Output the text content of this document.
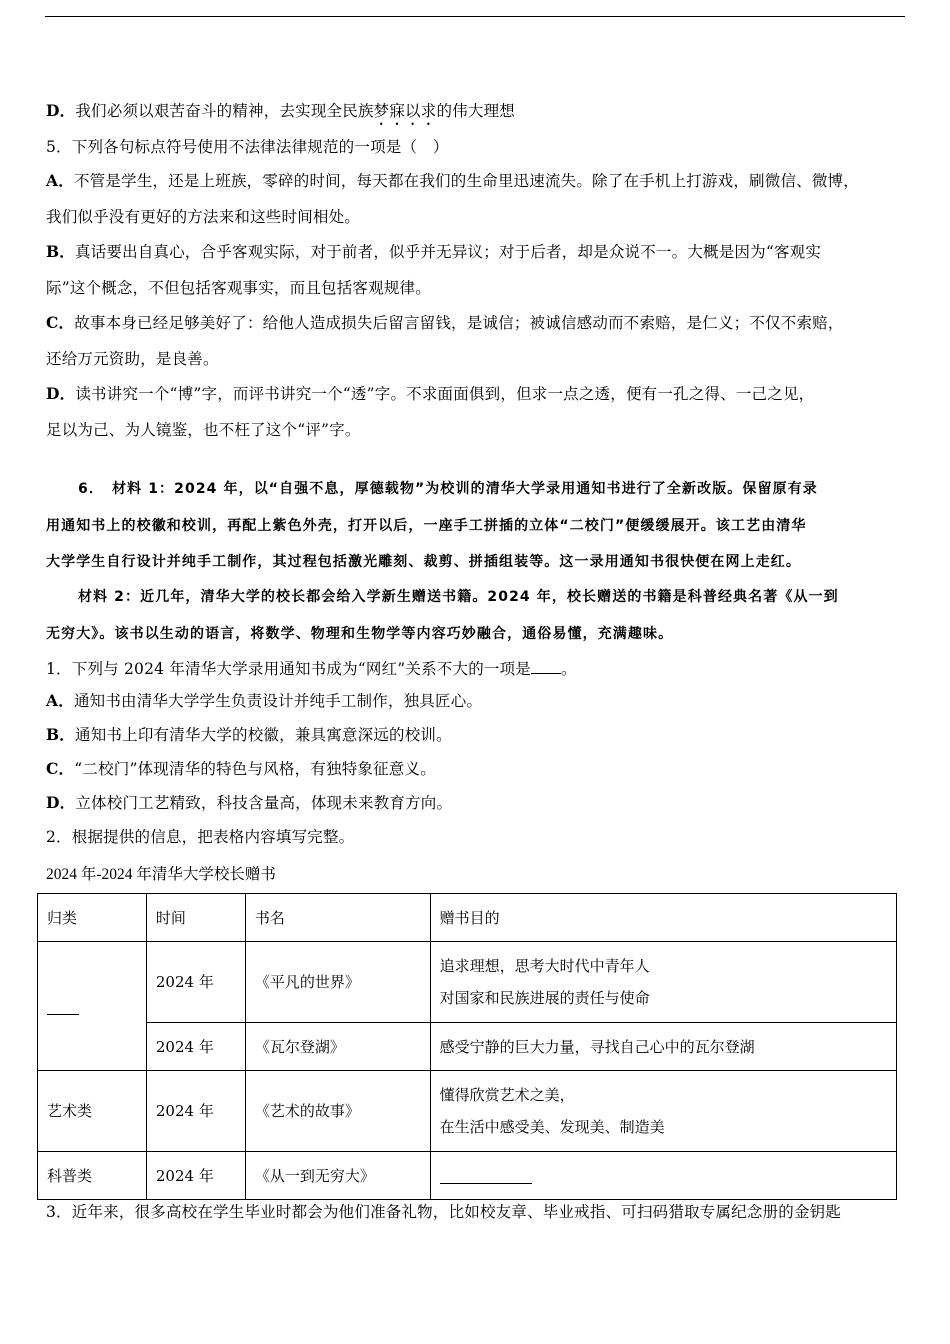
D．我们必须以艰苦奋斗的精神，去实现全民族梦寐以求的伟大理想
5．下列各句标点符号使用不法律法律规范的一项是（　）
A．不管是学生，还是上班族，零碎的时间，每天都在我们的生命里迅速流失。除了在手机上打游戏，刷微信、微博，
我们似乎没有更好的方法来和这些时间相处。
B．真话要出自真心，合乎客观实际，对于前者，似乎并无异议；对于后者，却是众说不一。大概是因为“客观实
际”这个概念，不但包括客观事实，而且包括客观规律。
C．故事本身已经足够美好了：给他人造成损失后留言留钱，是诚信；被诚信感动而不索赔，是仁义；不仅不索赔，
还给万元资助，是良善。
D．读书讲究一个“博”字，而评书讲究一个“透”字。不求面面俱到，但求一点之透，便有一孔之得、一己之见，
足以为己、为人镜鉴，也不枉了这个“评”字。
6．　材料 1：2024 年，以“自强不息，厚德载物”为校训的清华大学录用通知书进行了全新改版。保留原有录
用通知书上的校徽和校训，再配上紫色外壳，打开以后，一座手工拼插的立体“二校门”便缓缓展开。该工艺由清华
大学学生自行设计并纯手工制作，其过程包括激光雕刻、裁剪、拼插组装等。这一录用通知书很快便在网上走红。
材料 2：近几年，清华大学的校长都会给入学新生赠送书籍。2024 年，校长赠送的书籍是科普经典名著《从一到
无穷大》。该书以生动的语言，将数学、物理和生物学等内容巧妙融合，通俗易懂，充满趣味。
1．下列与 2024 年清华大学录用通知书成为“网红”关系不大的一项是 。
A．通知书由清华大学学生负责设计并纯手工制作，独具匠心。
B．通知书上印有清华大学的校徽，兼具寓意深远的校训。
C．“二校门”体现清华的特色与风格，有独特象征意义。
D．立体校门工艺精致，科技含量高，体现未来教育方向。
2．根据提供的信息，把表格内容填写完整。
2024 年-2024 年清华大学校长赠书
归类	时间	书名	赠书目的
	2024 年	《平凡的世界》	追求理想，思考大时代中青年人
对国家和民族进展的责任与使命

	2024 年	《瓦尔登湖》	感受宁静的巨大力量，寻找自己心中的瓦尔登湖
艺术类	2024 年	《艺术的故事》	懂得欣赏艺术之美，
在生活中感受美、发现美、制造美

科普类	2024 年	《从一到无穷大》	
3．近年来，很多高校在学生毕业时都会为他们准备礼物，比如校友章、毕业戒指、可扫码猎取专属纪念册的金钥匙
